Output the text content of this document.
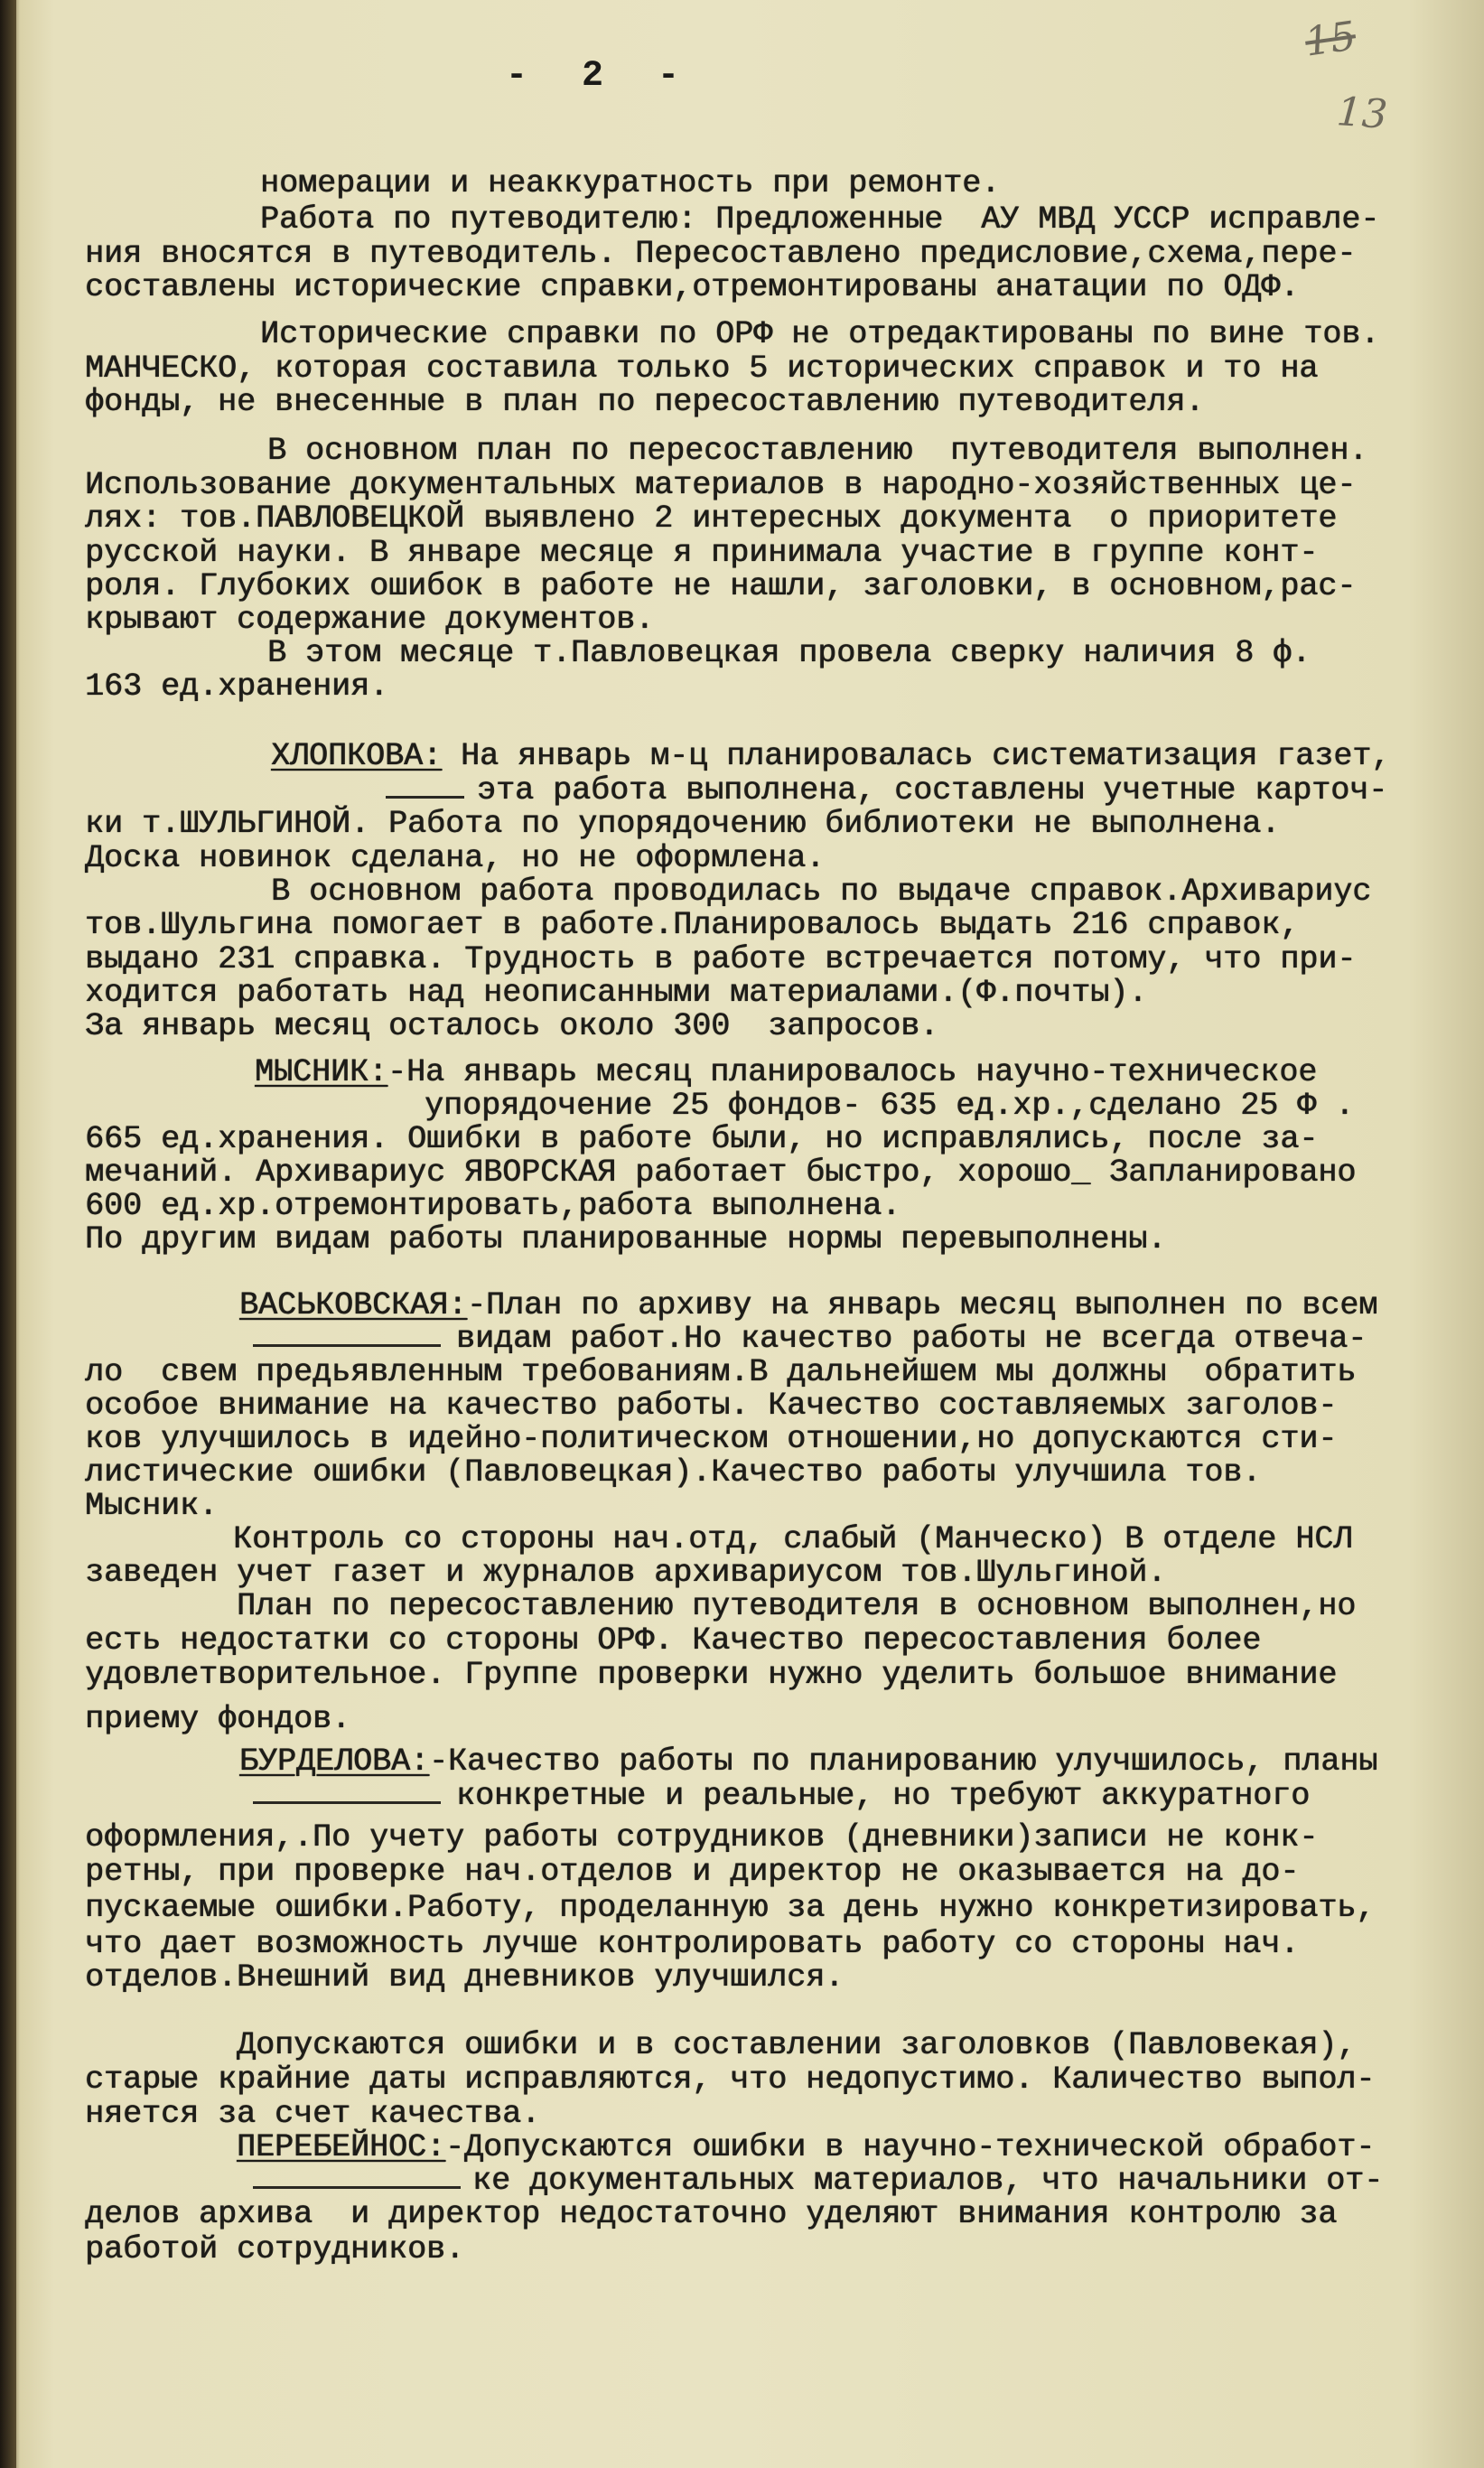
- 2 -
15
13
номерации и неаккуратность при ремонте.
Работа по путеводителю: Предложенные  АУ МВД УССР исправле-
ния вносятся в путеводитель. Пересоставлено предисловие,схема,пере-
составлены исторические справки,отремонтированы анатации по ОДФ.
Исторические справки по ОРФ не отредактированы по вине тов.
МАНЧЕСКО, которая составила только 5 исторических справок и то на
фонды, не внесенные в план по пересоставлению путеводителя.
В основном план по пересоставлению  путеводителя выполнен.
Использование документальных материалов в народно-хозяйственных це-
лях: тов.ПАВЛОВЕЦКОЙ выявлено 2 интересных документа  о приоритете
русской науки. В январе месяце я принимала участие в группе конт-
роля. Глубоких ошибок в работе не нашли, заголовки, в основном,рас-
крывают содержание документов.
В этом месяце т.Павловецкая провела сверку наличия 8 ф.
163 ед.хранения.
ХЛОПКОВА: На январь м-ц планировалась систематизация газет,
эта работа выполнена, составлены учетные карточ-
ки т.ШУЛЬГИНОЙ. Работа по упорядочению библиотеки не выполнена.
Доска новинок сделана, но не оформлена.
В основном работа проводилась по выдаче справок.Архивариус
тов.Шульгина помогает в работе.Планировалось выдать 216 справок,
выдано 231 справка. Трудность в работе встречается потому, что при-
ходится работать над неописанными материалами.(Ф.почты).
За январь месяц осталось около 300  запросов.
МЫСНИК:-На январь месяц планировалось научно-техническое
упорядочение 25 фондов- 635 ед.хр.,сделано 25 Ф .
665 ед.хранения. Ошибки в работе были, но исправлялись, после за-
мечаний. Архивариус ЯВОРСКАЯ работает быстро, хорошо_ Запланировано
600 ед.хр.отремонтировать,работа выполнена.
По другим видам работы планированные нормы перевыполнены.
ВАСЬКОВСКАЯ:-План по архиву на январь месяц выполнен по всем
видам работ.Но качество работы не всегда отвеча-
ло  свем предьявленным требованиям.В дальнейшем мы должны  обратить
особое внимание на качество работы. Качество составляемых заголов-
ков улучшилось в идейно-политическом отношении,но допускаются сти-
листические ошибки (Павловецкая).Качество работы улучшила тов.
Мысник.
Контроль со стороны нач.отд, слабый (Манческо) В отделе НСЛ
заведен учет газет и журналов архивариусом тов.Шульгиной.
План по пересоставлению путеводителя в основном выполнен,но
есть недостатки со стороны ОРФ. Качество пересоставления более
удовлетворительное. Группе проверки нужно уделить большое внимание
приему фондов.
БУРДЕЛОВА:-Качество работы по планированию улучшилось, планы
конкретные и реальные, но требуют аккуратного
оформления,.По учету работы сотрудников (дневники)записи не конк-
ретны, при проверке нач.отделов и директор не оказывается на до-
пускаемые ошибки.Работу, проделанную за день нужно конкретизировать,
что дает возможность лучше контролировать работу со стороны нач.
отделов.Внешний вид дневников улучшился.
Допускаются ошибки и в составлении заголовков (Павловекая),
старые крайние даты исправляются, что недопустимо. Каличество выпол-
няется за счет качества.
ПЕРЕБЕЙНОС:-Допускаются ошибки в научно-технической обработ-
ке документальных материалов, что начальники от-
делов архива  и директор недостаточно уделяют внимания контролю за
работой сотрудников.
